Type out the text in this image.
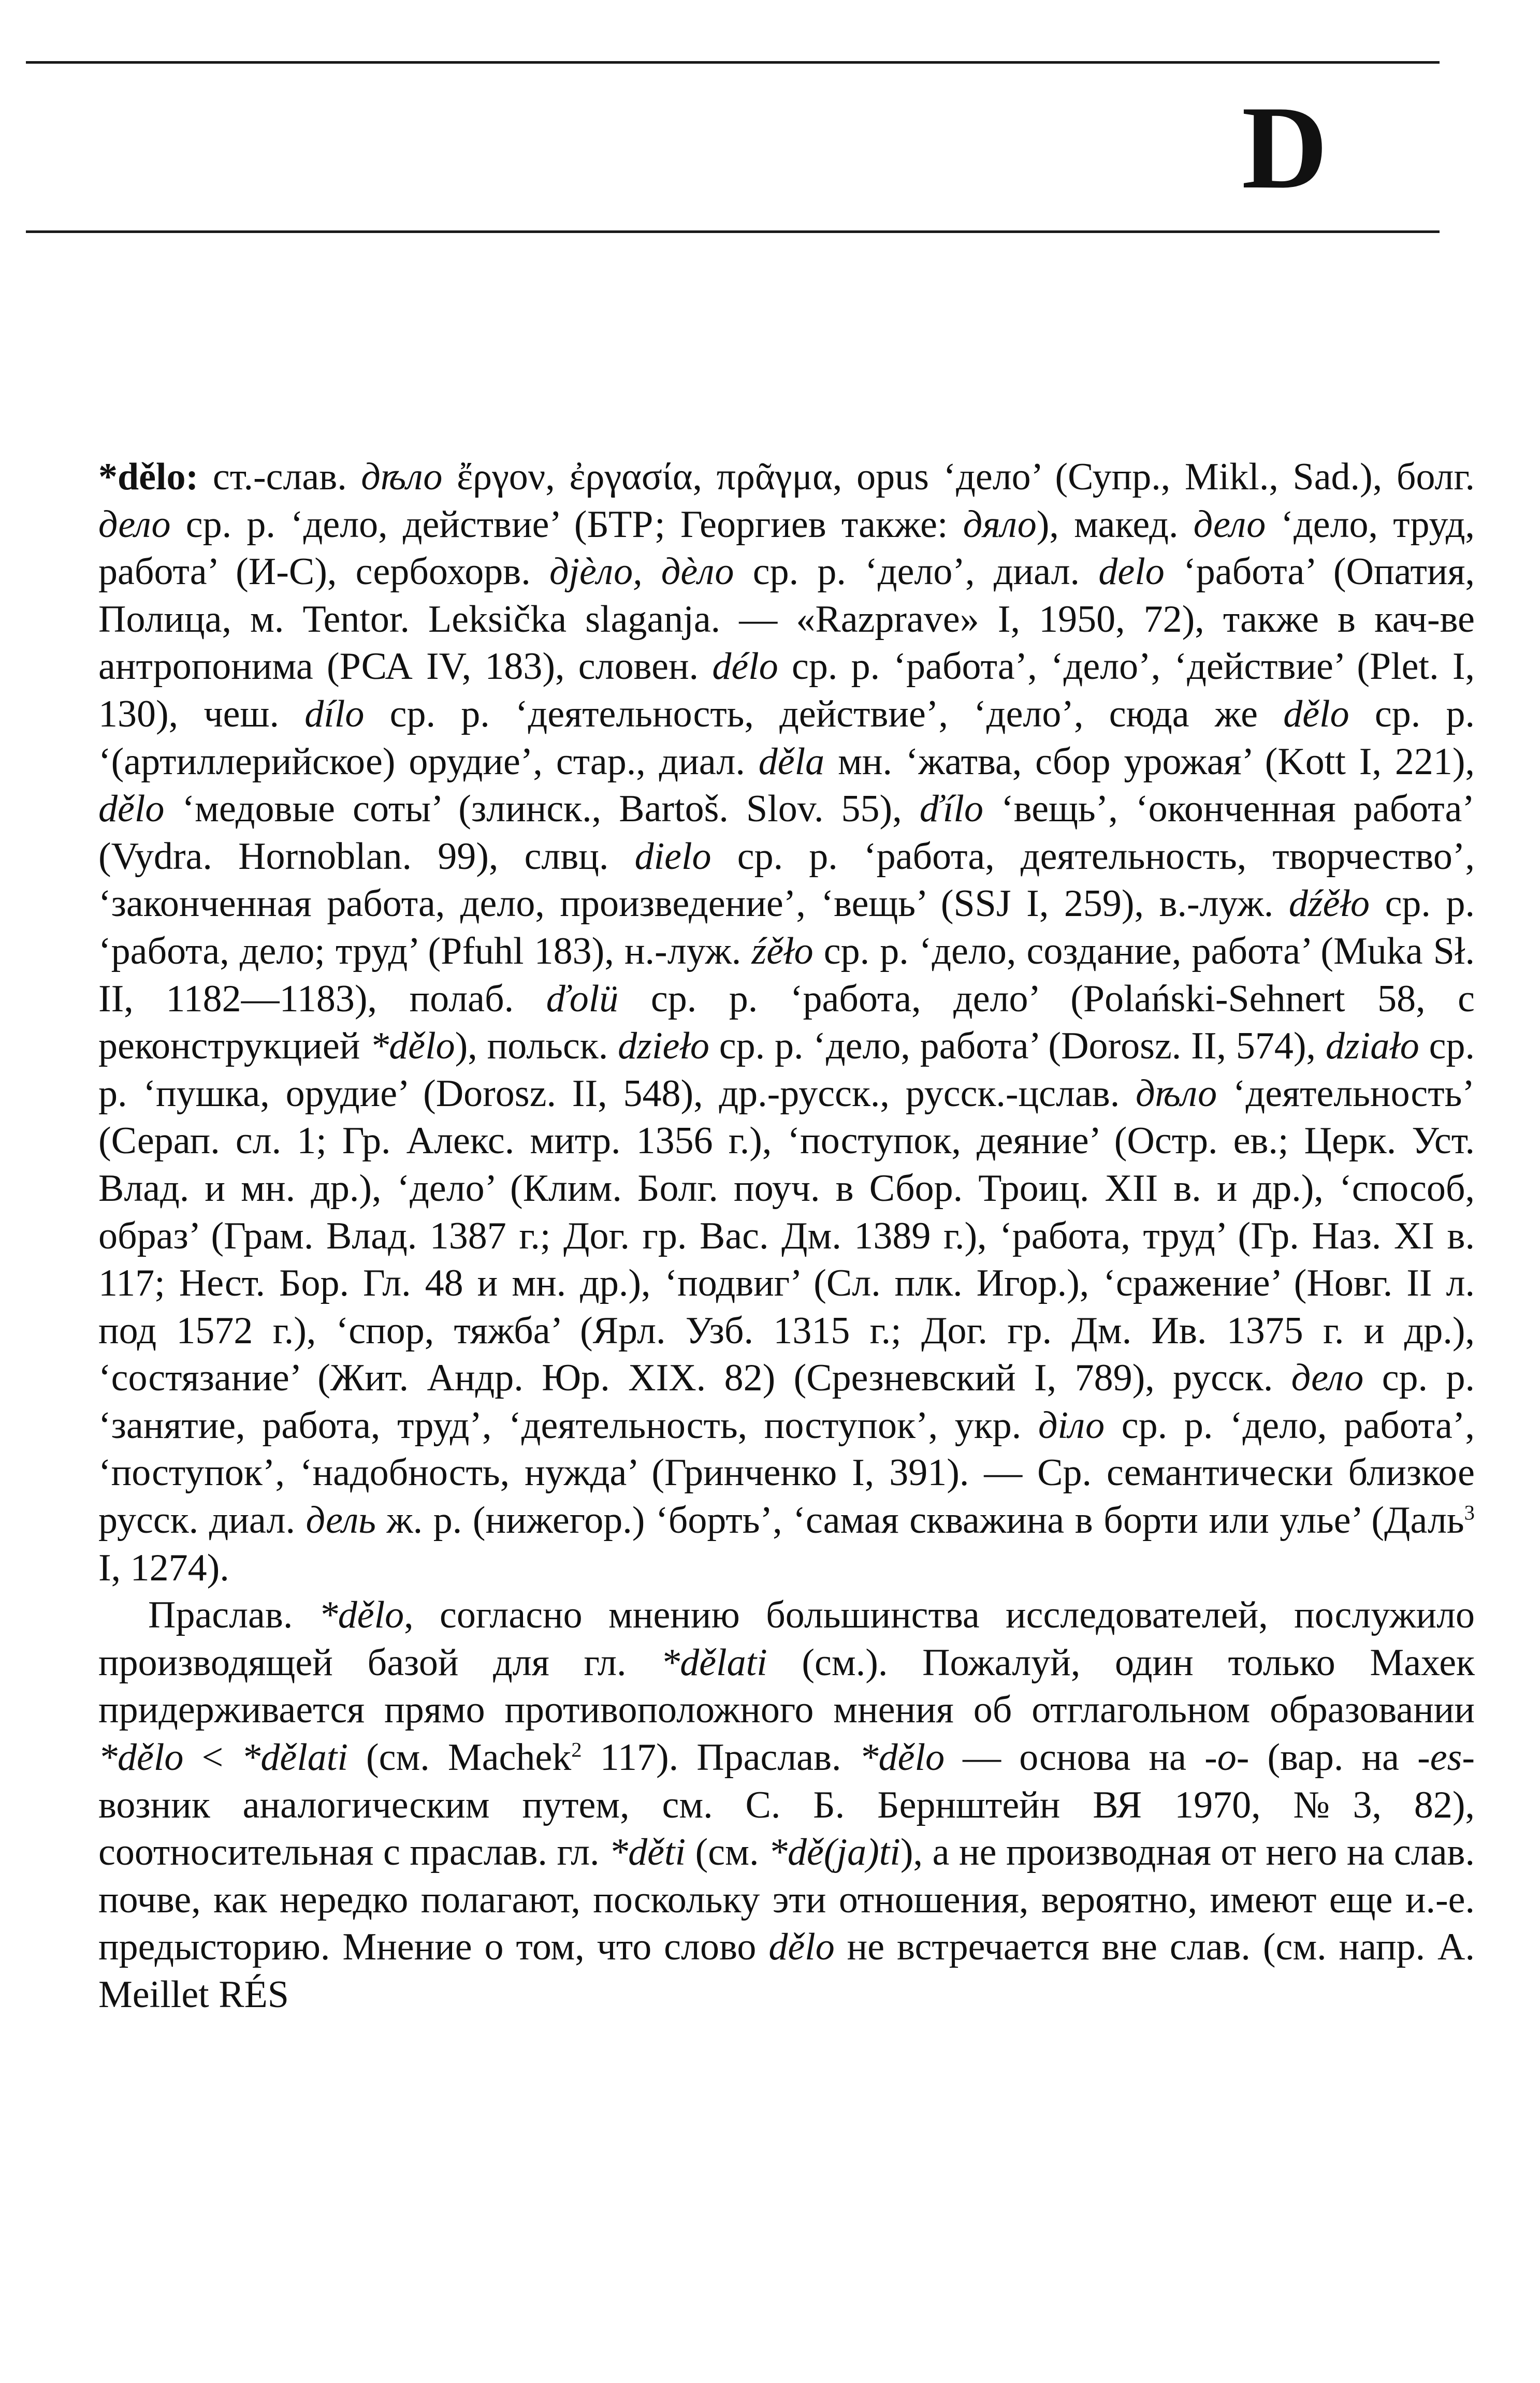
D

*dělo: ст.-слав. дѣло ἔργον, ἐργασία, πρᾶγμα, opus ‘дело’ (Супр., Mikl., Sad.), болг. дело ср. р. ‘дело, действие’ (БТР; Георгиев также: дяло), макед. дело ‘дело, труд, работа’ (И-С), сербохорв. дjѐло, дѐло ср. р. ‘дело’, диал. delo ‘работа’ (Опатия, Полица, м. Tentor. Leksička slaganja. — «Razprave» I, 1950, 72), также в кач-ве антропонима (РСА IV, 183), словен. délo ср. р. ‘работа’, ‘дело’, ‘действие’ (Plet. I, 130), чеш. dílo ср. р. ‘деятельность, действие’, ‘дело’, сюда же dělo ср. р. ‘(артиллерийское) орудие’, стар., диал. děla мн. ‘жатва, сбор урожая’ (Kott I, 221), dělo ‘медовые соты’ (злинск., Bartoš. Slov. 55), ďílo ‘вещь’, ‘оконченная работа’ (Vydra. Hornoblan. 99), слвц. dielo ср. р. ‘работа, деятельность, творчество’, ‘законченная работа, дело, произведение’, ‘вещь’ (SSJ I, 259), в.-луж. dźěło ср. р. ‘работа, дело; труд’ (Pfuhl 183), н.-луж. źěło ср. р. ‘дело, создание, работа’ (Muka Sł. II, 1182—1183), полаб. ďolü ср. р. ‘работа, дело’ (Polański-Sehnert 58, с реконструкцией *dělo), польск. dzieło ср. р. ‘дело, работа’ (Dorosz. II, 574), działo ср. р. ‘пушка, орудие’ (Dorosz. II, 548), др.-русск., русск.-цслав. дѣло ‘деятельность’ (Серап. сл. 1; Гр. Алекс. митр. 1356 г.), ‘поступок, деяние’ (Остр. ев.; Церк. Уст. Влад. и мн. др.), ‘дело’ (Клим. Болг. поуч. в Сбор. Троиц. XII в. и др.), ‘способ, образ’ (Грам. Влад. 1387 г.; Дог. гр. Вас. Дм. 1389 г.), ‘работа, труд’ (Гр. Наз. XI в. 117; Нест. Бор. Гл. 48 и мн. др.), ‘подвиг’ (Сл. плк. Игор.), ‘сражение’ (Новг. II л. под 1572 г.), ‘спор, тяжба’ (Ярл. Узб. 1315 г.; Дог. гр. Дм. Ив. 1375 г. и др.), ‘состязание’ (Жит. Андр. Юр. XIX. 82) (Срезневский I, 789), русск. дело ср. р. ‘занятие, работа, труд’, ‘деятельность, поступок’, укр. діло ср. р. ‘дело, работа’, ‘поступок’, ‘надобность, нужда’ (Гринченко I, 391). — Ср. семантически близкое русск. диал. дель ж. р. (нижегор.) ‘борть’, ‘самая скважина в борти или улье’ (Даль$^3$ I, 1274).

Праслав. *dělo, согласно мнению большинства исследователей, послужило производящей базой для гл. *dělati (см.). Пожалуй, один только Махек придерживается прямо противоположного мнения об отглагольном образовании *dělo < *dělati (см. Machek$^2$ 117). Праслав. *dělo — основа на -o- (вар. на -es- возник аналогическим путем, см. С. Б. Бернштейн ВЯ 1970, №3, 82), соотносительная с праслав. гл. *děti (см. *dě(ja)ti), а не производная от него на слав. почве, как нередко полагают, поскольку эти отношения, вероятно, имеют еще и.-е. предысторию. Мнение о том, что слово dělo не встречается вне слав. (см. напр. A. Meillet RÉS
